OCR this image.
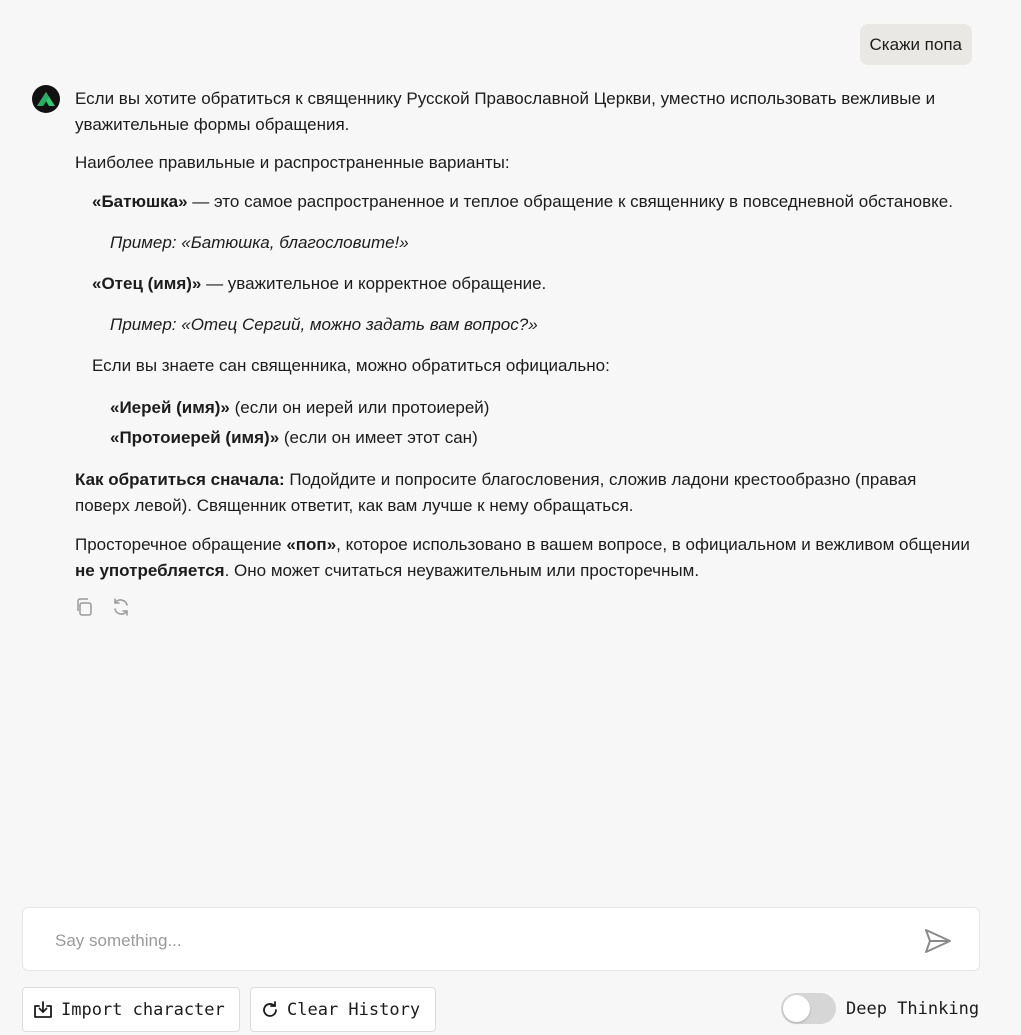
Скажи попа

Если вы хотите обратиться к священнику Русской Православной Церкви, уместно использовать вежливые и уважительные формы обращения.

Наиболее правильные и распространенные варианты:

«Батюшка» — это самое распространенное и теплое обращение к священнику в повседневной обстановке.

Пример: «Батюшка, благословите!»

«Отец (имя)» — уважительное и корректное обращение.

Пример: «Отец Сергий, можно задать вам вопрос?»

Если вы знаете сан священника, можно обратиться официально:

«Иерей (имя)» (если он иерей или протоиерей)
«Протоиерей (имя)» (если он имеет этот сан)

Как обратиться сначала: Подойдите и попросите благословения, сложив ладони крестообразно (правая поверх левой). Священник ответит, как вам лучше к нему обращаться.

Просторечное обращение «поп», которое использовано в вашем вопросе, в официальном и вежливом общении не употребляется. Оно может считаться неуважительным или просторечным.

Say something...
Import character	Clear History	Deep Thinking
